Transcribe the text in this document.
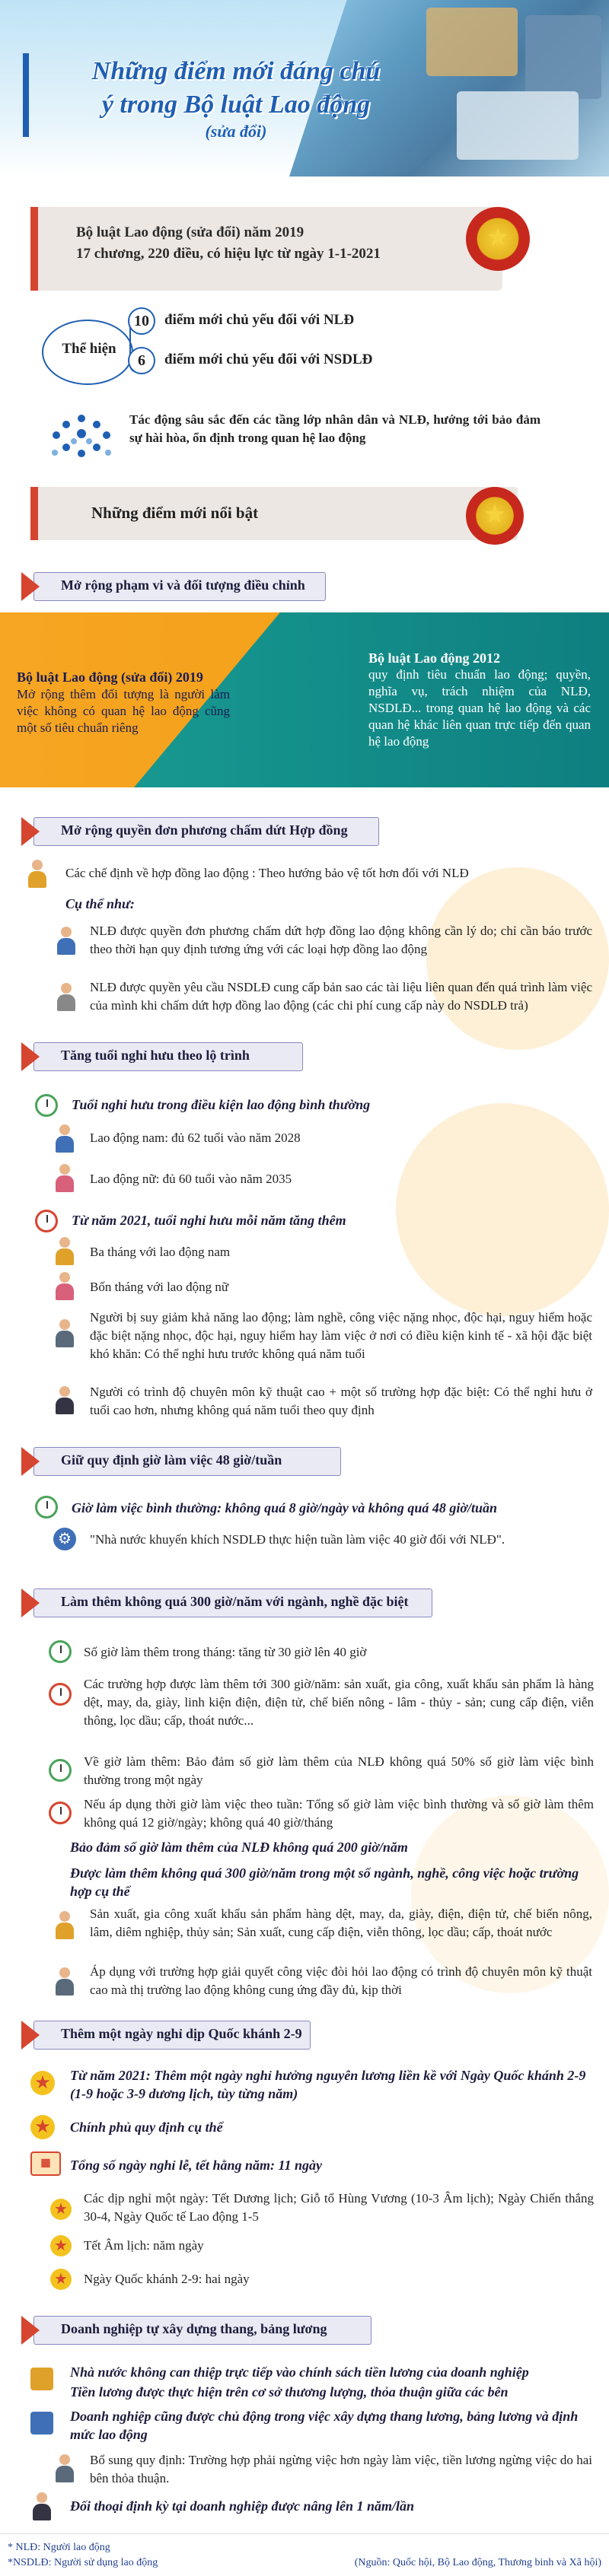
Những điểm mới đáng chú
ý trong Bộ luật Lao động
(sửa đổi)
Bộ luật Lao động (sửa đổi) năm 2019
17 chương, 220 điều, có hiệu lực từ ngày 1-1-2021
★
Thể hiện
10	điểm mới chủ yếu đối với NLĐ
6	điểm mới chủ yếu đối với NSDLĐ
Tác động sâu sắc đến các tầng lớp nhân dân và NLĐ, hướng tới bảo đảm sự hài hòa, ổn định trong quan hệ lao động
Những điểm mới nổi bật	★
Mở rộng phạm vi và đối tượng điều chỉnh
Bộ luật Lao động (sửa đổi) 2019
Mở rộng thêm đối tượng là người làm việc không có quan hệ lao động cũng một số tiêu chuẩn riêng
Bộ luật Lao động 2012
quy định tiêu chuẩn lao động; quyền, nghĩa vụ, trách nhiệm của NLĐ, NSDLĐ... trong quan hệ lao động và các quan hệ khác liên quan trực tiếp đến quan hệ lao động
Mở rộng quyền đơn phương chấm dứt Hợp đồng
Các chế định về hợp đồng lao động : Theo hướng bảo vệ tốt hơn đối với NLĐ
Cụ thể như:
NLĐ được quyền đơn phương chấm dứt hợp đồng lao động không cần lý do; chỉ cần báo trước theo thời hạn quy định tương ứng với các loại hợp đồng lao động
NLĐ được quyền yêu cầu NSDLĐ cung cấp bản sao các tài liệu liên quan đến quá trình làm việc của mình khi chấm dứt hợp đồng lao động (các chi phí cung cấp này do NSDLĐ trả)
Tăng tuổi nghỉ hưu theo lộ trình
Tuổi nghỉ hưu trong điều kiện lao động bình thường
Lao động nam: đủ 62 tuổi vào năm 2028
Lao động nữ: đủ 60 tuổi vào năm 2035
Từ năm 2021, tuổi nghỉ hưu mỗi năm tăng thêm
Ba tháng với lao động nam
Bốn tháng với lao động nữ
Người bị suy giảm khả năng lao động; làm nghề, công việc nặng nhọc, độc hại, nguy hiểm hoặc đặc biệt nặng nhọc, độc hại, nguy hiểm hay làm việc ở nơi có điều kiện kinh tế - xã hội đặc biệt khó khăn: Có thể nghỉ hưu trước không quá năm tuổi
Người có trình độ chuyên môn kỹ thuật cao + một số trường hợp đặc biệt: Có thể nghỉ hưu ở tuổi cao hơn, nhưng không quá năm tuổi theo quy định
Giữ quy định giờ làm việc 48 giờ/tuần
Giờ làm việc bình thường: không quá 8 giờ/ngày và không quá 48 giờ/tuần
⚙	"Nhà nước khuyến khích NSDLĐ thực hiện tuần làm việc 40 giờ đối với NLĐ".
Làm thêm không quá 300 giờ/năm với ngành, nghề đặc biệt
Số giờ làm thêm trong tháng: tăng từ 30 giờ lên 40 giờ
Các trường hợp được làm thêm tới 300 giờ/năm: sản xuất, gia công, xuất khẩu sản phẩm là hàng dệt, may, da, giày, linh kiện điện, điện tử, chế biến nông - lâm - thủy - sản; cung cấp điện, viễn thông, lọc dầu; cấp, thoát nước...
Về giờ làm thêm: Bảo đảm số giờ làm thêm của NLĐ không quá 50% số giờ làm việc bình thường trong một ngày
Nếu áp dụng thời giờ làm việc theo tuần: Tổng số giờ làm việc bình thường và số giờ làm thêm không quá 12 giờ/ngày; không quá 40 giờ/tháng
Bảo đảm số giờ làm thêm của NLĐ không quá 200 giờ/năm
Được làm thêm không quá 300 giờ/năm trong một số ngành, nghề, công việc hoặc trường hợp cụ thể
Sản xuất, gia công xuất khẩu sản phẩm hàng dệt, may, da, giày, điện, điện tử, chế biến nông, lâm, diêm nghiệp, thủy sản; Sản xuất, cung cấp điện, viễn thông, lọc dầu; cấp, thoát nước
Áp dụng với trường hợp giải quyết công việc đòi hỏi lao động có trình độ chuyên môn kỹ thuật cao mà thị trường lao động không cung ứng đầy đủ, kịp thời
Thêm một ngày nghỉ dịp Quốc khánh 2-9
★ Từ năm 2021: Thêm một ngày nghỉ hưởng nguyên lương liền kề với Ngày Quốc khánh 2-9 (1-9 hoặc 3-9 dương lịch, tùy từng năm)
★ Chính phủ quy định cụ thể
▦	Tổng số ngày nghỉ lễ, tết hằng năm: 11 ngày
★
Các dịp nghỉ một ngày: Tết Dương lịch; Giỗ tổ Hùng Vương (10-3 Âm lịch); Ngày Chiến thắng 30-4, Ngày Quốc tế Lao động 1-5
★ Tết Âm lịch: năm ngày
★ Ngày Quốc khánh 2-9: hai ngày
Doanh nghiệp tự xây dựng thang, bảng lương
Nhà nước không can thiệp trực tiếp vào chính sách tiền lương của doanh nghiệp
Tiền lương được thực hiện trên cơ sở thương lượng, thỏa thuận giữa các bên
Doanh nghiệp cũng được chủ động trong việc xây dựng thang lương, bảng lương và định mức lao động
Bổ sung quy định: Trường hợp phải ngừng việc hơn ngày làm việc, tiền lương ngừng việc do hai bên thỏa thuận.
Đối thoại định kỳ tại doanh nghiệp được nâng lên 1 năm/lần
* NLĐ: Người lao động
*NSDLĐ: Người sử dụng lao động	(Nguồn: Quốc hội, Bộ Lao động, Thương binh và Xã hội)
